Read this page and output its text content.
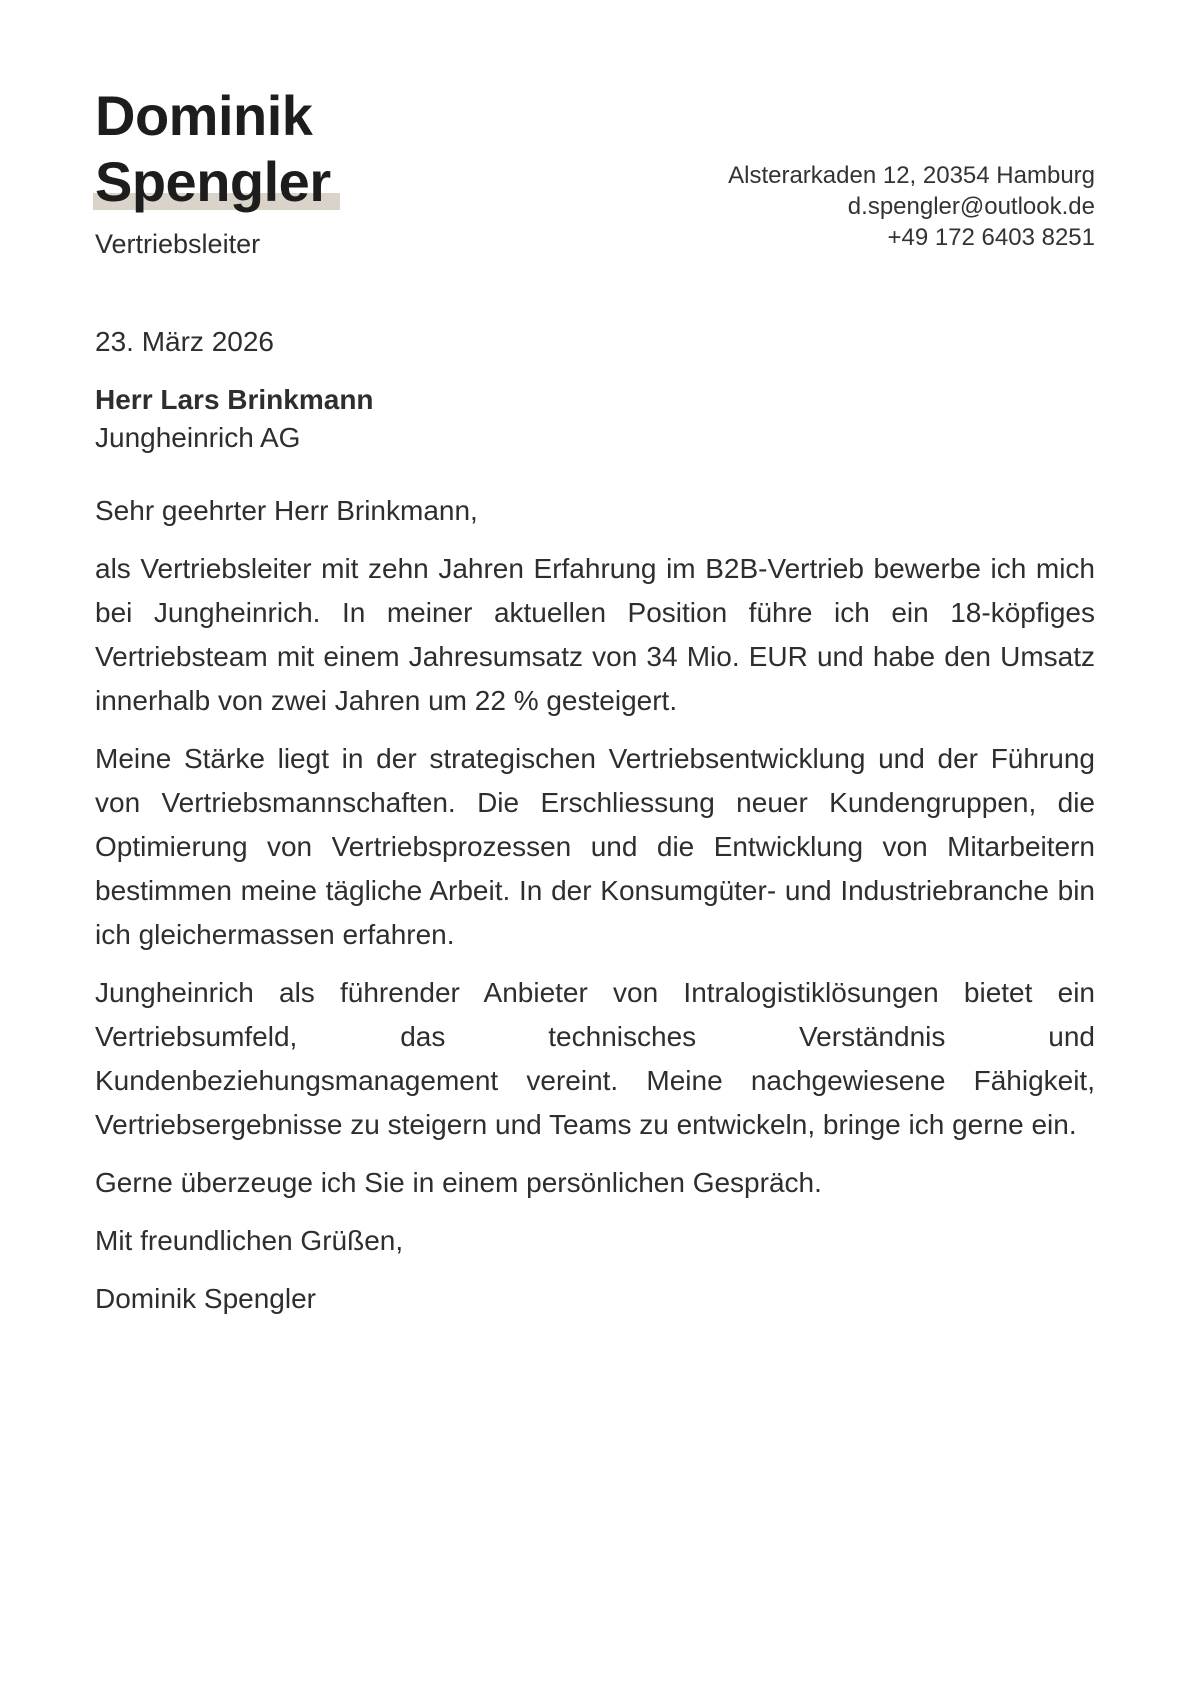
Dominik
Spengler
Vertriebsleiter
Alsterarkaden 12, 20354 Hamburg
d.spengler@outlook.de
+49 172 6403 8251
23. März 2026
Herr Lars Brinkmann
Jungheinrich AG

Sehr geehrter Herr Brinkmann,

als Vertriebsleiter mit zehn Jahren Erfahrung im B2B-Vertrieb bewerbe ich mich bei Jungheinrich. In meiner aktuellen Position führe ich ein 18-köpfiges Vertriebsteam mit einem Jahresumsatz von 34 Mio. EUR und habe den Umsatz innerhalb von zwei Jahren um 22 % gesteigert.

Meine Stärke liegt in der strategischen Vertriebsentwicklung und der Führung von Vertriebsmannschaften. Die Erschliessung neuer Kundengruppen, die Optimierung von Vertriebsprozessen und die Entwicklung von Mitarbeitern bestimmen meine tägliche Arbeit. In der Konsumgüter- und Industriebranche bin ich gleichermassen erfahren.

Jungheinrich als führender Anbieter von Intralogistiklösungen bietet ein Vertriebsumfeld, das technisches Verständnis und Kundenbeziehungsmanagement vereint. Meine nachgewiesene Fähigkeit, Vertriebsergebnisse zu steigern und Teams zu entwickeln, bringe ich gerne ein.

Gerne überzeuge ich Sie in einem persönlichen Gespräch.

Mit freundlichen Grüßen,

Dominik Spengler
